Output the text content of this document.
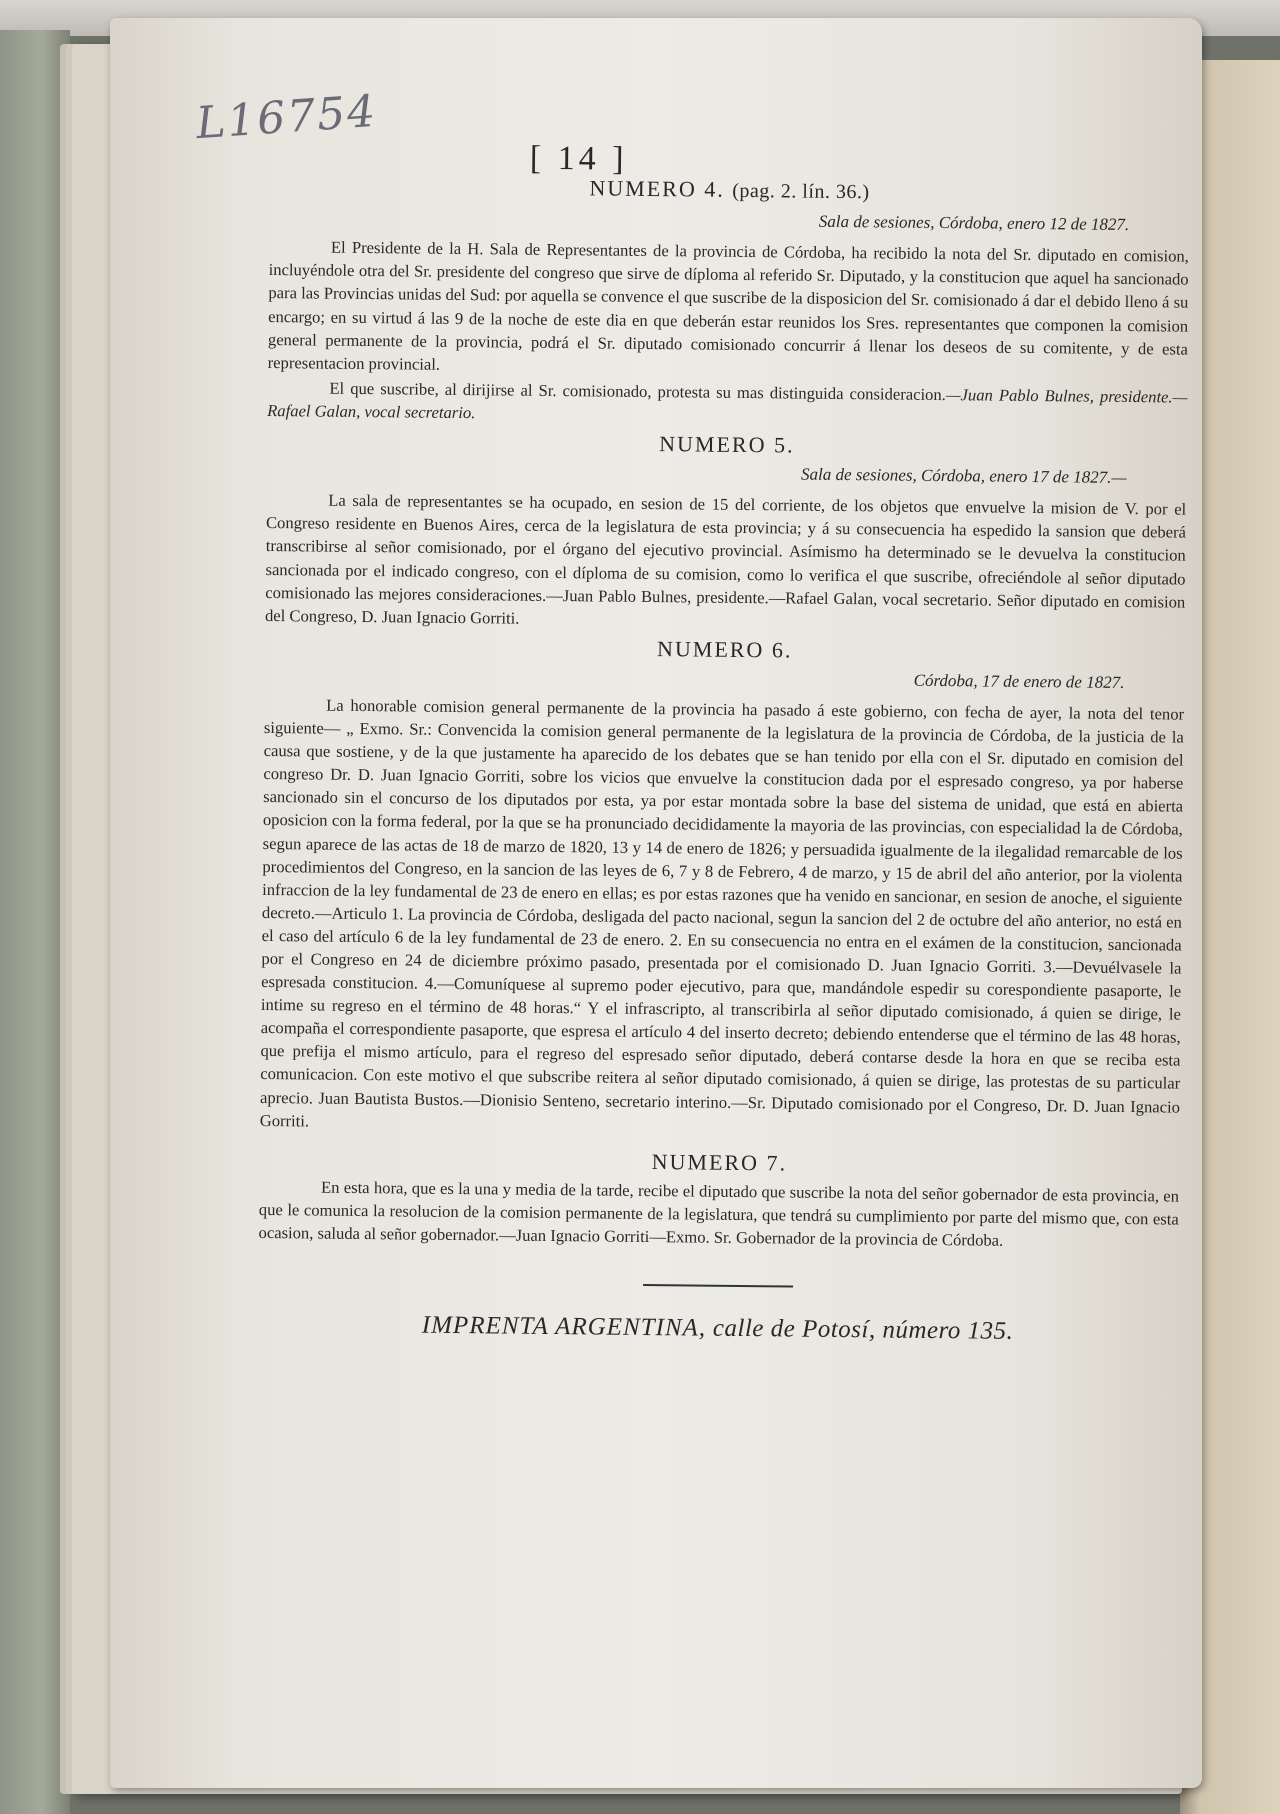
L16754
[ 14 ]
NUMERO 4. (pag. 2. lín. 36.)
Sala de sesiones, Córdoba, enero 12 de 1827.

El Presidente de la H. Sala de Representantes de la provincia de Córdoba, ha recibido la nota del Sr. diputado en comision, incluyéndole otra del Sr. presidente del congreso que sirve de díploma al referido Sr. Diputado, y la constitucion que aquel ha sancionado para las Provincias unidas del Sud: por aquella se convence el que suscribe de la disposicion del Sr. comisionado á dar el debido lleno á su encargo; en su virtud á las 9 de la noche de este dia en que deberán estar reunidos los Sres. representantes que componen la comision general permanente de la provincia, podrá el Sr. diputado comisionado concurrir á llenar los deseos de su comitente, y de esta representacion provincial.

El que suscribe, al dirijirse al Sr. comisionado, protesta su mas distinguida consideracion.—Juan Pablo Bulnes, presidente.—Rafael Galan, vocal secretario.

NUMERO 5.
Sala de sesiones, Córdoba, enero 17 de 1827.—

La sala de representantes se ha ocupado, en sesion de 15 del corriente, de los objetos que envuelve la mision de V. por el Congreso residente en Buenos Aires, cerca de la legislatura de esta provincia; y á su consecuencia ha espedido la sansion que deberá transcribirse al señor comisionado, por el órgano del ejecutivo provincial. Asímismo ha determinado se le devuelva la constitucion sancionada por el indicado congreso, con el díploma de su comision, como lo verifica el que suscribe, ofreciéndole al señor diputado comisionado las mejores consideraciones.—Juan Pablo Bulnes, presidente.—Rafael Galan, vocal secretario. Señor diputado en comision del Congreso, D. Juan Ignacio Gorriti.

NUMERO 6.
Córdoba, 17 de enero de 1827.

La honorable comision general permanente de la provincia ha pasado á este gobierno, con fecha de ayer, la nota del tenor siguiente— „ Exmo. Sr.: Convencida la comision general permanente de la legislatura de la provincia de Córdoba, de la justicia de la causa que sostiene, y de la que justamente ha aparecido de los debates que se han tenido por ella con el Sr. diputado en comision del congreso Dr. D. Juan Ignacio Gorriti, sobre los vicios que envuelve la constitucion dada por el espresado congreso, ya por haberse sancionado sin el concurso de los diputados por esta, ya por estar montada sobre la base del sistema de unidad, que está en abierta oposicion con la forma federal, por la que se ha pronunciado decididamente la mayoria de las provincias, con especialidad la de Córdoba, segun aparece de las actas de 18 de marzo de 1820, 13 y 14 de enero de 1826; y persuadida igualmente de la ilegalidad remarcable de los procedimientos del Congreso, en la sancion de las leyes de 6, 7 y 8 de Febrero, 4 de marzo, y 15 de abril del año anterior, por la violenta infraccion de la ley fundamental de 23 de enero en ellas; es por estas razones que ha venido en sancionar, en sesion de anoche, el siguiente decreto.—Articulo 1. La provincia de Córdoba, desligada del pacto nacional, segun la sancion del 2 de octubre del año anterior, no está en el caso del artículo 6 de la ley fundamental de 23 de enero. 2. En su consecuencia no entra en el exámen de la constitucion, sancionada por el Congreso en 24 de diciembre próximo pasado, presentada por el comisionado D. Juan Ignacio Gorriti. 3.—Devuélvasele la espresada constitucion. 4.—Comuníquese al supremo poder ejecutivo, para que, mandándole espedir su corespondiente pasaporte, le intime su regreso en el término de 48 horas.“ Y el infrascripto, al transcribirla al señor diputado comisionado, á quien se dirige, le acompaña el correspondiente pasaporte, que espresa el artículo 4 del inserto decreto; debiendo entenderse que el término de las 48 horas, que prefija el mismo artículo, para el regreso del espresado señor diputado, deberá contarse desde la hora en que se reciba esta comunicacion. Con este motivo el que subscribe reitera al señor diputado comisionado, á quien se dirige, las protestas de su particular aprecio. Juan Bautista Bustos.—Dionisio Senteno, secretario interino.—Sr. Diputado comisionado por el Congreso, Dr. D. Juan Ignacio Gorriti.

NUMERO 7.

En esta hora, que es la una y media de la tarde, recibe el diputado que suscribe la nota del señor gobernador de esta provincia, en que le comunica la resolucion de la comision permanente de la legislatura, que tendrá su cumplimiento por parte del mismo que, con esta ocasion, saluda al señor gobernador.—Juan Ignacio Gorriti—Exmo. Sr. Gobernador de la provincia de Córdoba.

IMPRENTA ARGENTINA, calle de Potosí, número 135.
